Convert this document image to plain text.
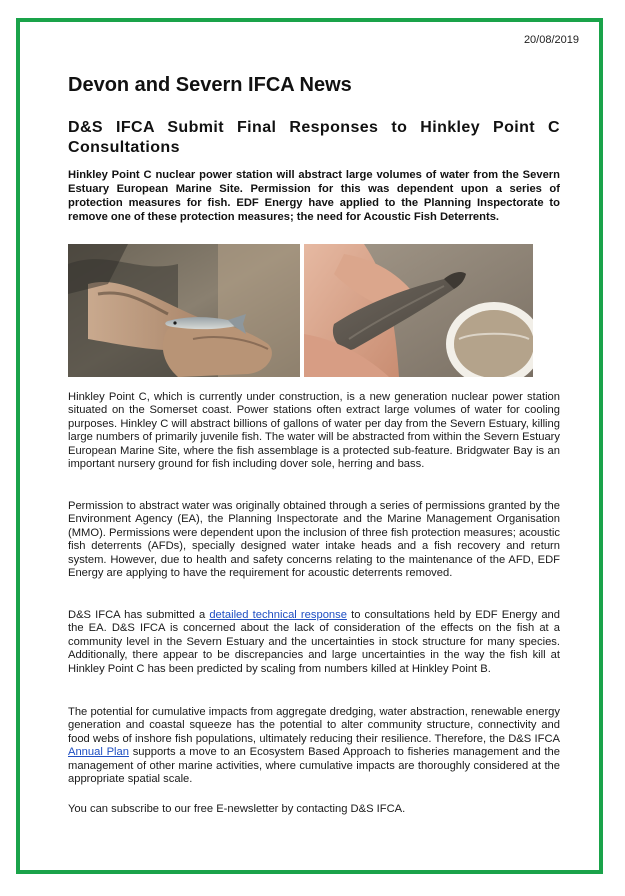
20/08/2019
Devon and Severn IFCA News
D&S IFCA Submit Final Responses to Hinkley Point C Consultations
Hinkley Point C nuclear power station will abstract large volumes of water from the Severn Estuary European Marine Site. Permission for this was dependent upon a series of protection measures for fish. EDF Energy have applied to the Planning Inspectorate to remove one of these protection measures; the need for Acoustic Fish Deterrents.

Hinkley Point C, which is currently under construction, is a new generation nuclear power station situated on the Somerset coast. Power stations often extract large volumes of water for cooling purposes. Hinkley C will abstract billions of gallons of water per day from the Severn Estuary, killing large numbers of primarily juvenile fish. The water will be abstracted from within the Severn Estuary European Marine Site, where the fish assemblage is a protected sub-feature. Bridgwater Bay is an important nursery ground for fish including dover sole, herring and bass.

Permission to abstract water was originally obtained through a series of permissions granted by the Environment Agency (EA), the Planning Inspectorate and the Marine Management Organisation (MMO). Permissions were dependent upon the inclusion of three fish protection measures; acoustic fish deterrents (AFDs), specially designed water intake heads and a fish recovery and return system. However, due to health and safety concerns relating to the maintenance of the AFD, EDF Energy are applying to have the requirement for acoustic deterrents removed.

D&S IFCA has submitted a detailed technical response to consultations held by EDF Energy and the EA. D&S IFCA is concerned about the lack of consideration of the effects on the fish at a community level in the Severn Estuary and the uncertainties in stock structure for many species. Additionally, there appear to be discrepancies and large uncertainties in the way the fish kill at Hinkley Point C has been predicted by scaling from numbers killed at Hinkley Point B.

The potential for cumulative impacts from aggregate dredging, water abstraction, renewable energy generation and coastal squeeze has the potential to alter community structure, connectivity and food webs of inshore fish populations, ultimately reducing their resilience. Therefore, the D&S IFCA Annual Plan supports a move to an Ecosystem Based Approach to fisheries management and the management of other marine activities, where cumulative impacts are thoroughly considered at the appropriate spatial scale.

You can subscribe to our free E-newsletter by contacting D&S IFCA.
